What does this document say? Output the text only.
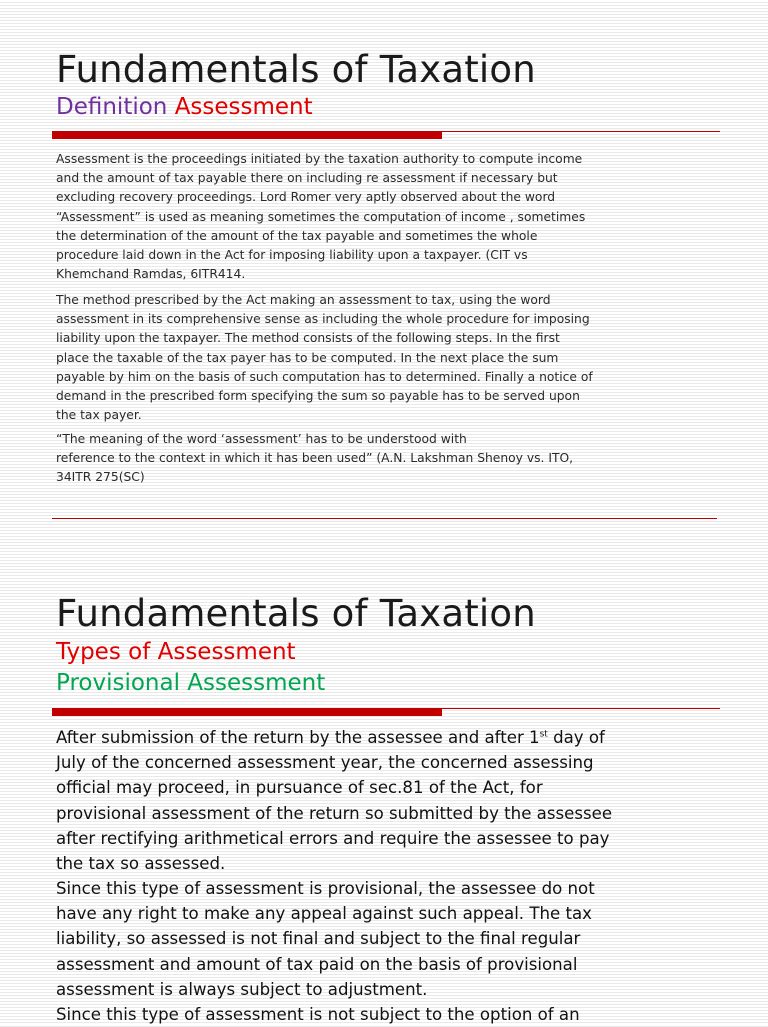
Fundamentals of Taxation
Definition Assessment

Assessment is the proceedings initiated by the taxation authority to compute income
and the amount of tax payable there on including re assessment if necessary but
excluding recovery proceedings. Lord Romer very aptly observed about the word
“Assessment” is used as meaning sometimes the computation of income , sometimes
the determination of the amount of the tax payable and sometimes the whole
procedure laid down in the Act for imposing liability upon a taxpayer. (CIT vs
Khemchand Ramdas, 6ITR414.

The method prescribed by the Act making an assessment to tax, using the word
assessment in its comprehensive sense as including the whole procedure for imposing
liability upon the taxpayer. The method consists of the following steps. In the first
place the taxable of the tax payer has to be computed. In the next place the sum
payable by him on the basis of such computation has to determined. Finally a notice of
demand in the prescribed form specifying the sum so payable has to be served upon
the tax payer.

“The meaning of the word ‘assessment’ has to be understood with
reference to the context in which it has been used” (A.N. Lakshman Shenoy vs. ITO,
34ITR 275(SC)

Fundamentals of Taxation
Types of Assessment
Provisional Assessment

After submission of the return by the assessee and after 1st day of
July of the concerned assessment year, the concerned assessing
official may proceed, in pursuance of sec.81 of the Act, for
provisional assessment of the return so submitted by the assessee
after rectifying arithmetical errors and require the assessee to pay
the tax so assessed.

Since this type of assessment is provisional, the assessee do not
have any right to make any appeal against such appeal. The tax
liability, so assessed is not final and subject to the final regular
assessment and amount of tax paid on the basis of provisional
assessment is always subject to adjustment.

Since this type of assessment is not subject to the option of an
